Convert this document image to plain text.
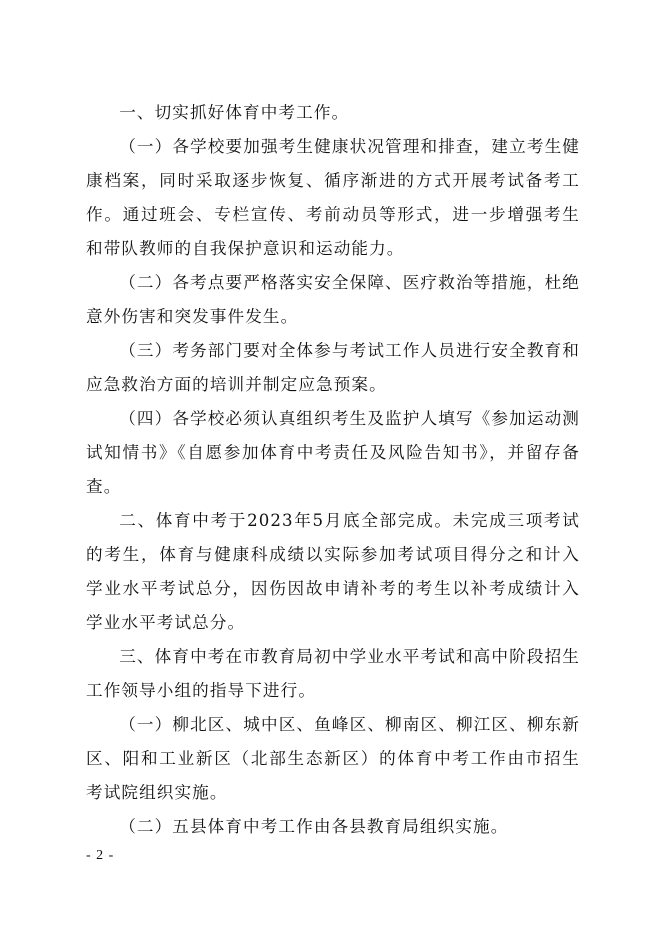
一、切实抓好体育中考工作。

（一）各学校要加强考生健康状况管理和排查，建立考生健康档案，同时采取逐步恢复、循序渐进的方式开展考试备考工作。通过班会、专栏宣传、考前动员等形式，进一步增强考生和带队教师的自我保护意识和运动能力。

（二）各考点要严格落实安全保障、医疗救治等措施，杜绝意外伤害和突发事件发生。

（三）考务部门要对全体参与考试工作人员进行安全教育和应急救治方面的培训并制定应急预案。

（四）各学校必须认真组织考生及监护人填写《参加运动测试知情书》《自愿参加体育中考责任及风险告知书》，并留存备查。

二、体育中考于2023年5月底全部完成。未完成三项考试的考生，体育与健康科成绩以实际参加考试项目得分之和计入学业水平考试总分，因伤因故申请补考的考生以补考成绩计入学业水平考试总分。

三、体育中考在市教育局初中学业水平考试和高中阶段招生工作领导小组的指导下进行。

（一）柳北区、城中区、鱼峰区、柳南区、柳江区、柳东新区、阳和工业新区（北部生态新区）的体育中考工作由市招生考试院组织实施。

（二）五县体育中考工作由各县教育局组织实施。

- 2 -
